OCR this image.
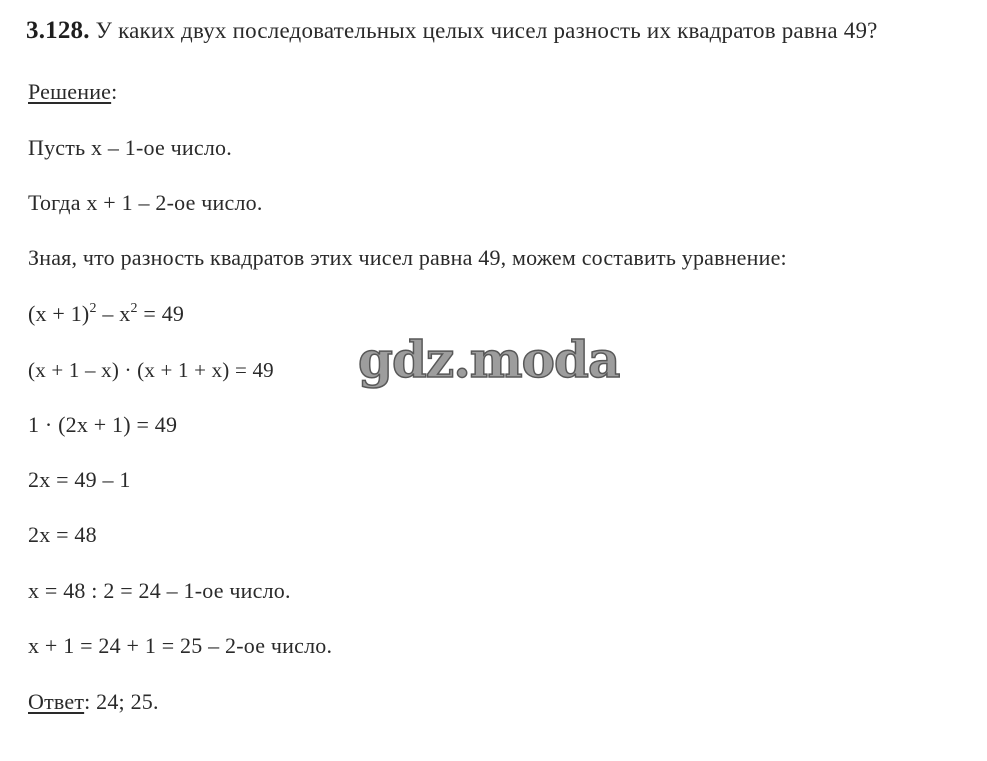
3.128. У каких двух последовательных целых чисел разность их квадратов равна 49?
Решение:
Пусть х – 1-ое число.
Тогда х + 1 – 2-ое число.
Зная, что разность квадратов этих чисел равна 49, можем составить уравнение:
$(x + 1)^2 - x^2 = 49$
(x + 1 – x) · (x + 1 + x) = 49
1 · (2x + 1) = 49
2x = 49 – 1
2x = 48
x = 48 : 2 = 24 – 1-ое число.
x + 1 = 24 + 1 = 25 – 2-ое число.
Ответ: 24; 25.
gdz.moda
